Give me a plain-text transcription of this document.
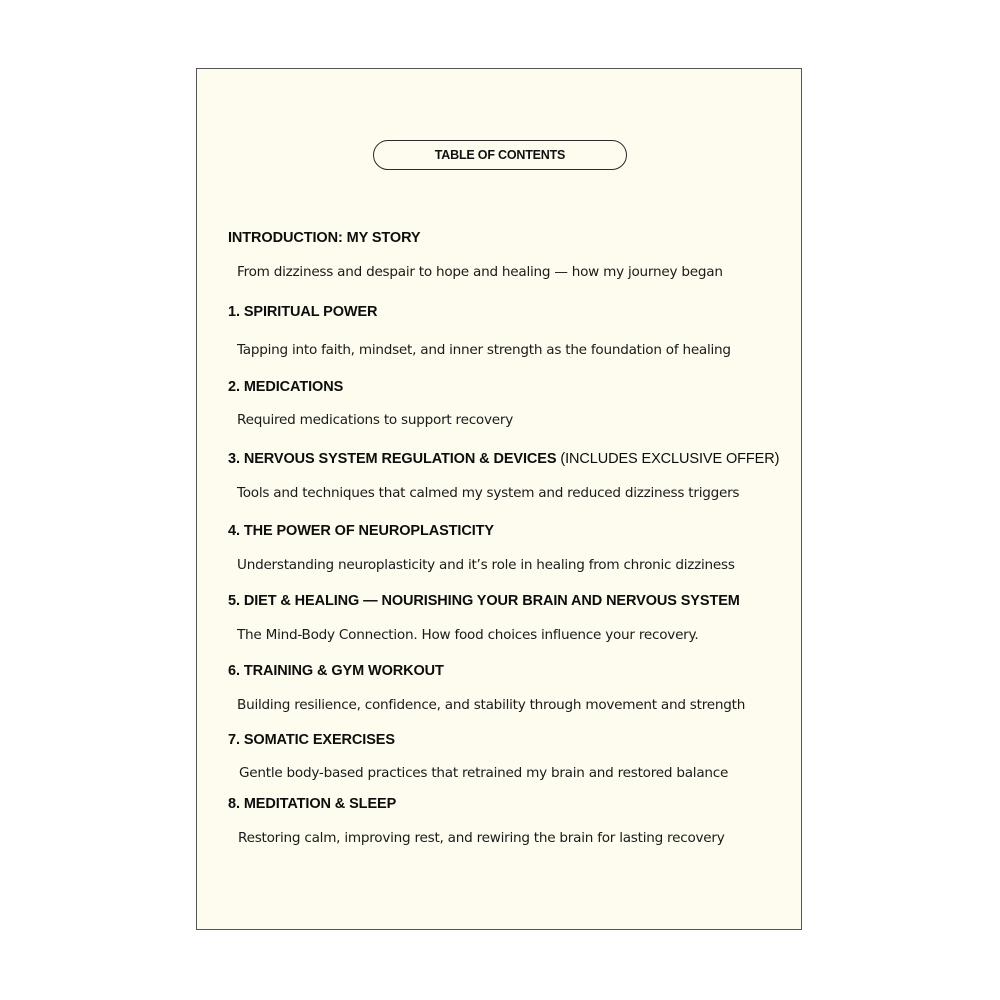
TABLE OF CONTENTS
INTRODUCTION: MY STORY
From dizziness and despair to hope and healing — how my journey began
1. SPIRITUAL POWER
Tapping into faith, mindset, and inner strength as the foundation of healing
2. MEDICATIONS
Required medications to support recovery
3. NERVOUS SYSTEM REGULATION & DEVICES (INCLUDES EXCLUSIVE OFFER)
Tools and techniques that calmed my system and reduced dizziness triggers
4. THE POWER OF NEUROPLASTICITY
Understanding neuroplasticity and it’s role in healing from chronic dizziness
5. DIET & HEALING — NOURISHING YOUR BRAIN AND NERVOUS SYSTEM
The Mind-Body Connection. How food choices influence your recovery.
6. TRAINING & GYM WORKOUT
Building resilience, confidence, and stability through movement and strength
7. SOMATIC EXERCISES
Gentle body-based practices that retrained my brain and restored balance
8. MEDITATION & SLEEP
Restoring calm, improving rest, and rewiring the brain for lasting recovery
